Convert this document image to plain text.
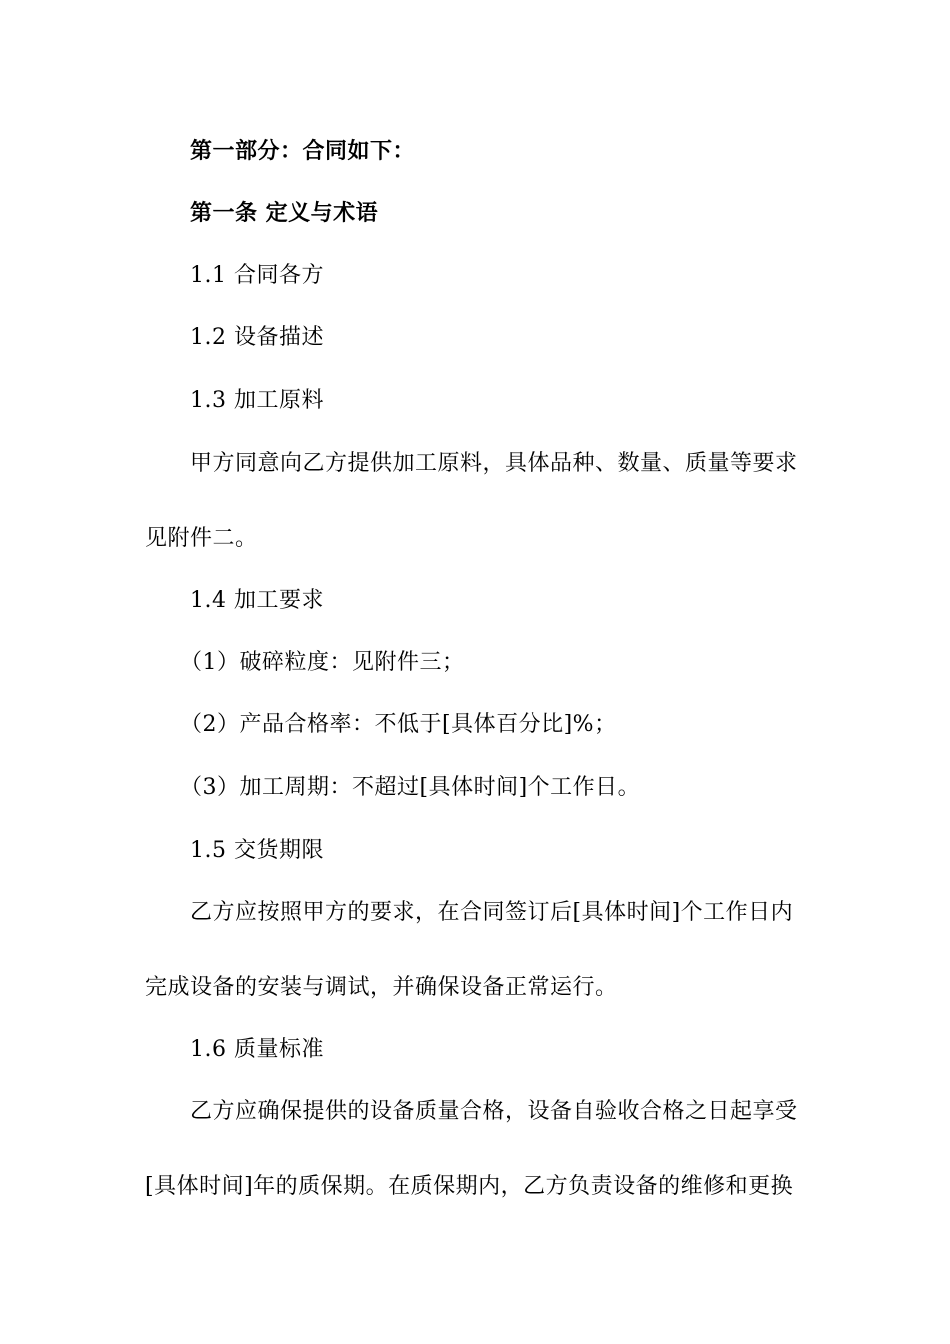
第一部分：合同如下：
第一条 定义与术语
1.1 合同各方
1.2 设备描述
1.3 加工原料
甲方同意向乙方提供加工原料，具体品种、数量、质量等要求
见附件二。
1.4 加工要求
（1）破碎粒度：见附件三；
（2）产品合格率：不低于[具体百分比]%；
（3）加工周期：不超过[具体时间]个工作日。
1.5 交货期限
乙方应按照甲方的要求，在合同签订后[具体时间]个工作日内
完成设备的安装与调试，并确保设备正常运行。
1.6 质量标准
乙方应确保提供的设备质量合格，设备自验收合格之日起享受
[具体时间]年的质保期。在质保期内，乙方负责设备的维修和更换
